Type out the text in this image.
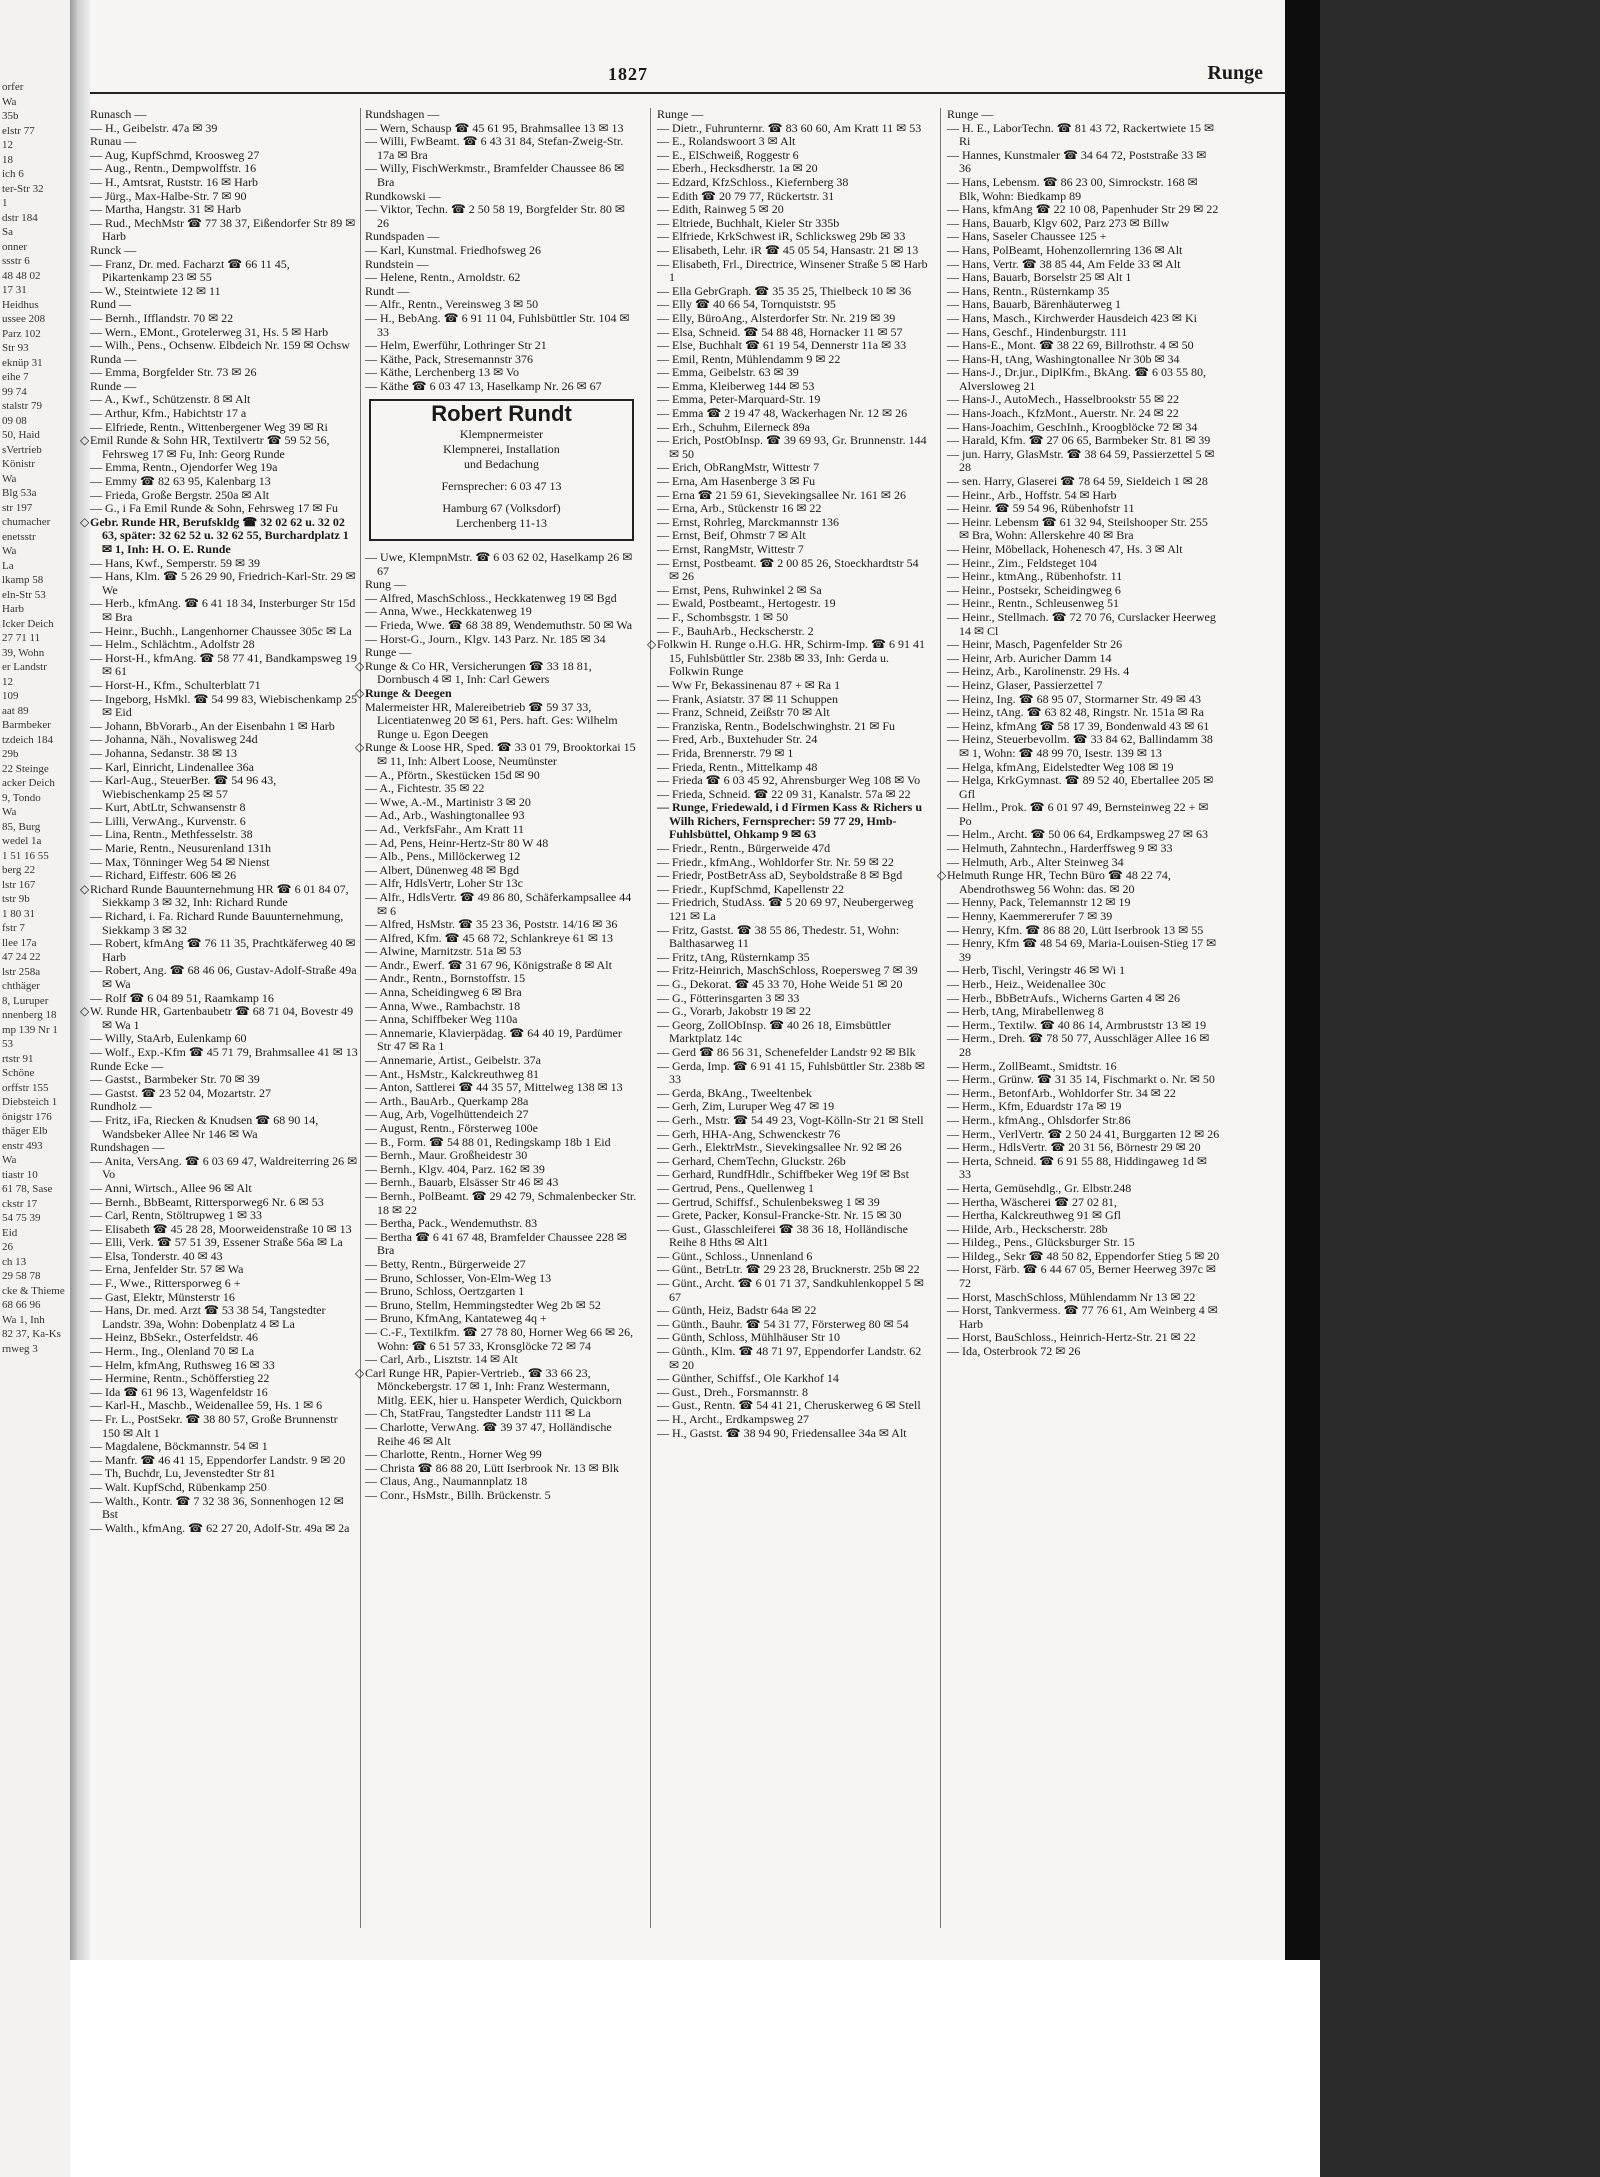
orfer
Wa
35b
elstr 77
12
18
ich 6
ter-Str 32
1
dstr 184
Sa
onner
ssstr 6
48 48 02
17 31
Heidhus
ussee 208
Parz 102
Str 93
eknüp 31
eihe 7
99 74
stalstr 79
09 08
50, Haid
sVertrieb
Könistr
Wa
Blg 53a
str 197
chumacher
enetsstr
Wa
La
lkamp 58
eln-Str 53
Harb
Icker Deich
27 71 11
39, Wohn
er Landstr
12
109
aat 89
Barmbeker
tzdeich 184
29b
22 Steinge
acker Deich
9, Tondo
Wa
85, Burg
wedel 1a
1 51 16 55
berg 22
lstr 167
tstr 9b
1 80 31
fstr 7
llee 17a
47 24 22
lstr 258a
chthäger
8, Luruper
nnenberg 18
mp 139 Nr 1
53
rtstr 91
Schöne
orffstr 155
Diebsteich 1
önigstr 176
thäger Elb
enstr 493
Wa
tiastr 10
61 78, Sase
ckstr 17
54 75 39
Eid
26
ch 13
29 58 78
cke & Thieme
68 66 96
Wa 1, Inh
82 37, Ka-Ks
rnweg 3
1827	Runge

Runasch —

— H., Geibelstr. 47a ✉ 39

Runau —

— Aug, KupfSchmd, Kroosweg 27

— Aug., Rentn., Dempwolffstr. 16

— H., Amtsrat, Ruststr. 16 ✉ Harb

— Jürg., Max-Halbe-Str. 7 ✉ 90

— Martha, Hangstr. 31 ✉ Harb

— Rud., MechMstr ☎ 77 38 37, Eißendorfer Str 89 ✉ Harb

Runck —

— Franz, Dr. med. Facharzt ☎ 66 11 45, Pikartenkamp 23 ✉ 55

— W., Steintwiete 12 ✉ 11

Rund —

— Bernh., Ifflandstr. 70 ✉ 22

— Wern., EMont., Grotelerweg 31, Hs. 5 ✉ Harb

— Wilh., Pens., Ochsenw. Elbdeich Nr. 159 ✉ Ochsw

Runda —

— Emma, Borgfelder Str. 73 ✉ 26

Runde —

— A., Kwf., Schützenstr. 8 ✉ Alt

— Arthur, Kfm., Habichtstr 17 a

— Elfriede, Rentn., Wittenbergener Weg 39 ✉ Ri

◇Emil Runde & Sohn HR, Textilvertr ☎ 59 52 56, Fehrsweg 17 ✉ Fu, Inh: Georg Runde

— Emma, Rentn., Ojendorfer Weg 19a

— Emmy ☎ 82 63 95, Kalenbarg 13

— Frieda, Große Bergstr. 250a ✉ Alt

— G., i Fa Emil Runde & Sohn, Fehrsweg 17 ✉ Fu

◇Gebr. Runde HR, Berufskldg ☎ 32 02 62 u. 32 02 63, später: 32 62 52 u. 32 62 55, Burchardplatz 1 ✉ 1, Inh: H. O. E. Runde

— Hans, Kwf., Semperstr. 59 ✉ 39

— Hans, Klm. ☎ 5 26 29 90, Friedrich-Karl-Str. 29 ✉ We

— Herb., kfmAng. ☎ 6 41 18 34, Insterburger Str 15d ✉ Bra

— Heinr., Buchh., Langenhorner Chaussee 305c ✉ La

— Helm., Schlächtm., Adolfstr 28

— Horst-H., kfmAng. ☎ 58 77 41, Bandkampsweg 19 ✉ 61

— Horst-H., Kfm., Schulterblatt 71

— Ingeborg, HsMkl. ☎ 54 99 83, Wiebischenkamp 25 ✉ Eid

— Johann, BbVorarb., An der Eisenbahn 1 ✉ Harb

— Johanna, Näh., Novalisweg 24d

— Johanna, Sedanstr. 38 ✉ 13

— Karl, Einricht, Lindenallee 36a

— Karl-Aug., SteuerBer. ☎ 54 96 43, Wiebischenkamp 25 ✉ 57

— Kurt, AbtLtr, Schwansenstr 8

— Lilli, VerwAng., Kurvenstr. 6

— Lina, Rentn., Methfesselstr. 38

— Marie, Rentn., Neusurenland 131h

— Max, Tönninger Weg 54 ✉ Nienst

— Richard, Eiffestr. 606 ✉ 26

◇Richard Runde Bauunternehmung HR ☎ 6 01 84 07, Siekkamp 3 ✉ 32, Inh: Richard Runde

— Richard, i. Fa. Richard Runde Bauunternehmung, Siekkamp 3 ✉ 32

— Robert, kfmAng ☎ 76 11 35, Prachtkäferweg 40 ✉ Harb

— Robert, Ang. ☎ 68 46 06, Gustav-Adolf-Straße 49a ✉ Wa

— Rolf ☎ 6 04 89 51, Raamkamp 16

◇W. Runde HR, Gartenbaubetr ☎ 68 71 04, Bovestr 49 ✉ Wa 1

— Willy, StaArb, Eulenkamp 60

— Wolf., Exp.-Kfm ☎ 45 71 79, Brahmsallee 41 ✉ 13

Runde Ecke —

— Gastst., Barmbeker Str. 70 ✉ 39

— Gastst. ☎ 23 52 04, Mozartstr. 27

Rundholz —

— Fritz, iFa, Riecken & Knudsen ☎ 68 90 14, Wandsbeker Allee Nr 146 ✉ Wa

Rundshagen —

— Anita, VersAng. ☎ 6 03 69 47, Waldreiterring 26 ✉ Vo

— Anni, Wirtsch., Allee 96 ✉ Alt

— Bernh., BbBeamt, Rittersporweg6 Nr. 6 ✉ 53

— Carl, Rentn, Stöltrupweg 1 ✉ 33

— Elisabeth ☎ 45 28 28, Moorweidenstraße 10 ✉ 13

— Elli, Verk. ☎ 57 51 39, Essener Straße 56a ✉ La

— Elsa, Tonderstr. 40 ✉ 43

— Erna, Jenfelder Str. 57 ✉ Wa

— F., Wwe., Rittersporweg 6 +

— Gast, Elektr, Münsterstr 16

— Hans, Dr. med. Arzt ☎ 53 38 54, Tangstedter Landstr. 39a, Wohn: Dobenplatz 4 ✉ La

— Heinz, BbSekr., Osterfeldstr. 46

— Herm., Ing., Olenland 70 ✉ La

— Helm, kfmAng, Ruthsweg 16 ✉ 33

— Hermine, Rentn., Schöfferstieg 22

— Ida ☎ 61 96 13, Wagenfeldstr 16

— Karl-H., Maschb., Weidenallee 59, Hs. 1 ✉ 6

— Fr. L., PostSekr. ☎ 38 80 57, Große Brunnenstr 150 ✉ Alt 1

— Magdalene, Böckmannstr. 54 ✉ 1

— Manfr. ☎ 46 41 15, Eppendorfer Landstr. 9 ✉ 20

— Th, Buchdr, Lu, Jevenstedter Str 81

— Walt. KupfSchd, Rübenkamp 250

— Walth., Kontr. ☎ 7 32 38 36, Sonnenhogen 12 ✉ Bst

— Walth., kfmAng. ☎ 62 27 20, Adolf-Str. 49a ✉ 2a

Rundshagen —

— Wern, Schausp ☎ 45 61 95, Brahmsallee 13 ✉ 13

— Willi, FwBeamt. ☎ 6 43 31 84, Stefan-Zweig-Str. 17a ✉ Bra

— Willy, FischWerkmstr., Bramfelder Chaussee 86 ✉ Bra

Rundkowski —

— Viktor, Techn. ☎ 2 50 58 19, Borgfelder Str. 80 ✉ 26

Rundspaden —

— Karl, Kunstmal. Friedhofsweg 26

Rundstein —

— Helene, Rentn., Arnoldstr. 62

Rundt —

— Alfr., Rentn., Vereinsweg 3 ✉ 50

— H., BebAng. ☎ 6 91 11 04, Fuhlsbüttler Str. 104 ✉ 33

— Helm, Ewerführ, Lothringer Str 21

— Käthe, Pack, Stresemannstr 376

— Käthe, Lerchenberg 13 ✉ Vo

— Käthe ☎ 6 03 47 13, Haselkamp Nr. 26 ✉ 67

Robert Rundt
Klempnermeister
Klempnerei, Installation
und Bedachung
Fernsprecher: 6 03 47 13
Hamburg 67 (Volksdorf)
Lerchenberg 11-13

— Uwe, KlempnMstr. ☎ 6 03 62 02, Haselkamp 26 ✉ 67

Rung —

— Alfred, MaschSchloss., Heckkatenweg 19 ✉ Bgd

— Anna, Wwe., Heckkatenweg 19

— Frieda, Wwe. ☎ 68 38 89, Wendemuthstr. 50 ✉ Wa

— Horst-G., Journ., Klgv. 143 Parz. Nr. 185 ✉ 34

Runge —

◇Runge & Co HR, Versicherungen ☎ 33 18 81, Dornbusch 4 ✉ 1, Inh: Carl Gewers

◇Runge & Deegen

Malermeister HR, Malereibetrieb ☎ 59 37 33, Licentiatenweg 20 ✉ 61, Pers. haft. Ges: Wilhelm Runge u. Egon Deegen

◇Runge & Loose HR, Sped. ☎ 33 01 79, Brooktorkai 15 ✉ 11, Inh: Albert Loose, Neumünster

— A., Pförtn., Skestücken 15d ✉ 90

— A., Fichtestr. 35 ✉ 22

— Wwe, A.-M., Martinistr 3 ✉ 20

— Ad., Arb., Washingtonallee 93

— Ad., VerkfsFahr., Am Kratt 11

— Ad, Pens, Heinr-Hertz-Str 80 W 48

— Alb., Pens., Millöckerweg 12

— Albert, Dünenweg 48 ✉ Bgd

— Alfr, HdlsVertr, Loher Str 13c

— Alfr., HdlsVertr. ☎ 49 86 80, Schäferkampsallee 44 ✉ 6

— Alfred, HsMstr. ☎ 35 23 36, Poststr. 14/16 ✉ 36

— Alfred, Kfm. ☎ 45 68 72, Schlankreye 61 ✉ 13

— Alwine, Marnitzstr. 51a ✉ 53

— Andr., Ewerf. ☎ 31 67 96, Königstraße 8 ✉ Alt

— Andr., Rentn., Bornstoffstr. 15

— Anna, Scheidingweg 6 ✉ Bra

— Anna, Wwe., Rambachstr. 18

— Anna, Schiffbeker Weg 110a

— Annemarie, Klavierpädag. ☎ 64 40 19, Pardümer Str 47 ✉ Ra 1

— Annemarie, Artist., Geibelstr. 37a

— Ant., HsMstr., Kalckreuthweg 81

— Anton, Sattlerei ☎ 44 35 57, Mittelweg 138 ✉ 13

— Arth., BauArb., Querkamp 28a

— Aug, Arb, Vogelhüttendeich 27

— August, Rentn., Försterweg 100e

— B., Form. ☎ 54 88 01, Redingskamp 18b 1 Eid

— Bernh., Maur. Großheidestr 30

— Bernh., Klgv. 404, Parz. 162 ✉ 39

— Bernh., Bauarb, Elsässer Str 46 ✉ 43

— Bernh., PolBeamt. ☎ 29 42 79, Schmalenbecker Str. 18 ✉ 22

— Bertha, Pack., Wendemuthstr. 83

— Bertha ☎ 6 41 67 48, Bramfelder Chaussee 228 ✉ Bra

— Betty, Rentn., Bürgerweide 27

— Bruno, Schlosser, Von-Elm-Weg 13

— Bruno, Schloss, Oertzgarten 1

— Bruno, Stellm, Hemmingstedter Weg 2b ✉ 52

— Bruno, KfmAng, Kantateweg 4q +

— C.-F., Textilkfm. ☎ 27 78 80, Horner Weg 66 ✉ 26, Wohn: ☎ 6 51 57 33, Kronsglöcke 72 ✉ 74

— Carl, Arb., Lisztstr. 14 ✉ Alt

◇Carl Runge HR, Papier-Vertrieb., ☎ 33 66 23, Mönckebergstr. 17 ✉ 1, Inh: Franz Westermann, Mitlg. EEK, hier u. Hanspeter Werdich, Quickborn

— Ch, StatFrau, Tangstedter Landstr 111 ✉ La

— Charlotte, VerwAng. ☎ 39 37 47, Holländische Reihe 46 ✉ Alt

— Charlotte, Rentn., Horner Weg 99

— Christa ☎ 86 88 20, Lütt Iserbrook Nr. 13 ✉ Blk

— Claus, Ang., Naumannplatz 18

— Conr., HsMstr., Billh. Brückenstr. 5

Runge —

— Dietr., Fuhrunternr. ☎ 83 60 60, Am Kratt 11 ✉ 53

— E., Rolandswoort 3 ✉ Alt

— E., ElSchweiß, Roggestr 6

— Eberh., Hecksdherstr. 1a ✉ 20

— Edzard, KfzSchloss., Kiefernberg 38

— Edith ☎ 20 79 77, Rückertstr. 31

— Edith, Rainweg 5 ✉ 20

— Eltriede, Buchhalt, Kieler Str 335b

— Elfriede, KrkSchwest iR, Schlicksweg 29b ✉ 33

— Elisabeth, Lehr. iR ☎ 45 05 54, Hansastr. 21 ✉ 13

— Elisabeth, Frl., Directrice, Winsener Straße 5 ✉ Harb 1

— Ella GebrGraph. ☎ 35 35 25, Thielbeck 10 ✉ 36

— Elly ☎ 40 66 54, Tornquiststr. 95

— Elly, BüroAng., Alsterdorfer Str. Nr. 219 ✉ 39

— Elsa, Schneid. ☎ 54 88 48, Hornacker 11 ✉ 57

— Else, Buchhalt ☎ 61 19 54, Dennerstr 11a ✉ 33

— Emil, Rentn, Mühlendamm 9 ✉ 22

— Emma, Geibelstr. 63 ✉ 39

— Emma, Kleiberweg 144 ✉ 53

— Emma, Peter-Marquard-Str. 19

— Emma ☎ 2 19 47 48, Wackerhagen Nr. 12 ✉ 26

— Erh., Schuhm, Eilerneck 89a

— Erich, PostObInsp. ☎ 39 69 93, Gr. Brunnenstr. 144 ✉ 50

— Erich, ObRangMstr, Wittestr 7

— Erna, Am Hasenberge 3 ✉ Fu

— Erna ☎ 21 59 61, Sievekingsallee Nr. 161 ✉ 26

— Erna, Arb., Stückenstr 16 ✉ 22

— Ernst, Rohrleg, Marckmannstr 136

— Ernst, Beif, Ohmstr 7 ✉ Alt

— Ernst, RangMstr, Wittestr 7

— Ernst, Postbeamt. ☎ 2 00 85 26, Stoeckhardtstr 54 ✉ 26

— Ernst, Pens, Ruhwinkel 2 ✉ Sa

— Ewald, Postbeamt., Hertogestr. 19

— F., Schombsgstr. 1 ✉ 50

— F., BauhArb., Heckscherstr. 2

◇Folkwin H. Runge o.H.G. HR, Schirm-Imp. ☎ 6 91 41 15, Fuhlsbüttler Str. 238b ✉ 33, Inh: Gerda u. Folkwin Runge

— Ww Fr, Bekassinenau 87 + ✉ Ra 1

— Frank, Asiatstr. 37 ✉ 11 Schuppen

— Franz, Schneid, Zeißstr 70 ✉ Alt

— Franziska, Rentn., Bodelschwinghstr. 21 ✉ Fu

— Fred, Arb., Buxtehuder Str. 24

— Frida, Brennerstr. 79 ✉ 1

— Frieda, Rentn., Mittelkamp 48

— Frieda ☎ 6 03 45 92, Ahrensburger Weg 108 ✉ Vo

— Frieda, Schneid. ☎ 22 09 31, Kanalstr. 57a ✉ 22

— Runge, Friedewald, i d Firmen Kass & Richers u Wilh Richers, Fernsprecher: 59 77 29, Hmb-Fuhlsbüttel, Ohkamp 9 ✉ 63

— Friedr., Rentn., Bürgerweide 47d

— Friedr., kfmAng., Wohldorfer Str. Nr. 59 ✉ 22

— Friedr, PostBetrAss aD, Seyboldstraße 8 ✉ Bgd

— Friedr., KupfSchmd, Kapellenstr 22

— Friedrich, StudAss. ☎ 5 20 69 97, Neubergerweg 121 ✉ La

— Fritz, Gastst. ☎ 38 55 86, Thedestr. 51, Wohn: Balthasarweg 11

— Fritz, tAng, Rüsternkamp 35

— Fritz-Heinrich, MaschSchloss, Roepersweg 7 ✉ 39

— G., Dekorat. ☎ 45 33 70, Hohe Weide 51 ✉ 20

— G., Fötterinsgarten 3 ✉ 33

— G., Vorarb, Jakobstr 19 ✉ 22

— Georg, ZollObInsp. ☎ 40 26 18, Eimsbüttler Marktplatz 14c

— Gerd ☎ 86 56 31, Schenefelder Landstr 92 ✉ Blk

— Gerda, Imp. ☎ 6 91 41 15, Fuhlsbüttler Str. 238b ✉ 33

— Gerda, BkAng., Tweeltenbek

— Gerh, Zim, Luruper Weg 47 ✉ 19

— Gerh., Mstr. ☎ 54 49 23, Vogt-Kölln-Str 21 ✉ Stell

— Gerh, HHA-Ang, Schwenckestr 76

— Gerh., ElektrMstr., Sievekingsallee Nr. 92 ✉ 26

— Gerhard, ChemTechn, Gluckstr. 26b

— Gerhard, RundfHdlr., Schiffbeker Weg 19f ✉ Bst

— Gertrud, Pens., Quellenweg 1

— Gertrud, Schiffsf., Schulenbeksweg 1 ✉ 39

— Grete, Packer, Konsul-Francke-Str. Nr. 15 ✉ 30

— Gust., Glasschleiferei ☎ 38 36 18, Holländische Reihe 8 Hths ✉ Alt1

— Günt., Schloss., Unnenland 6

— Günt., BetrLtr. ☎ 29 23 28, Brucknerstr. 25b ✉ 22

— Günt., Archt. ☎ 6 01 71 37, Sandkuhlenkoppel 5 ✉ 67

— Günth, Heiz, Badstr 64a ✉ 22

— Günth., Bauhr. ☎ 54 31 77, Försterweg 80 ✉ 54

— Günth, Schloss, Mühlhäuser Str 10

— Günth., Klm. ☎ 48 71 97, Eppendorfer Landstr. 62 ✉ 20

— Günther, Schiffsf., Ole Karkhof 14

— Gust., Dreh., Forsmannstr. 8

— Gust., Rentn. ☎ 54 41 21, Cheruskerweg 6 ✉ Stell

— H., Archt., Erdkampsweg 27

— H., Gastst. ☎ 38 94 90, Friedensallee 34a ✉ Alt

Runge —

— H. E., LaborTechn. ☎ 81 43 72, Rackertwiete 15 ✉ Ri

— Hannes, Kunstmaler ☎ 34 64 72, Poststraße 33 ✉ 36

— Hans, Lebensm. ☎ 86 23 00, Simrockstr. 168 ✉ Blk, Wohn: Biedkamp 89

— Hans, kfmAng ☎ 22 10 08, Papenhuder Str 29 ✉ 22

— Hans, Bauarb, Klgv 602, Parz 273 ✉ Billw

— Hans, Saseler Chaussee 125 +

— Hans, PolBeamt, Hohenzollernring 136 ✉ Alt

— Hans, Vertr. ☎ 38 85 44, Am Felde 33 ✉ Alt

— Hans, Bauarb, Borselstr 25 ✉ Alt 1

— Hans, Rentn., Rüsternkamp 35

— Hans, Bauarb, Bärenhäuterweg 1

— Hans, Masch., Kirchwerder Hausdeich 423 ✉ Ki

— Hans, Geschf., Hindenburgstr. 111

— Hans-E., Mont. ☎ 38 22 69, Billrothstr. 4 ✉ 50

— Hans-H, tAng, Washingtonallee Nr 30b ✉ 34

— Hans-J., Dr.jur., DiplKfm., BkAng. ☎ 6 03 55 80, Alversloweg 21

— Hans-J., AutoMech., Hasselbrookstr 55 ✉ 22

— Hans-Joach., KfzMont., Auerstr. Nr. 24 ✉ 22

— Hans-Joachim, GeschInh., Kroogblöcke 72 ✉ 34

— Harald, Kfm. ☎ 27 06 65, Barmbeker Str. 81 ✉ 39

— jun. Harry, GlasMstr. ☎ 38 64 59, Passierzettel 5 ✉ 28

— sen. Harry, Glaserei ☎ 78 64 59, Sieldeich 1 ✉ 28

— Heinr., Arb., Hoffstr. 54 ✉ Harb

— Heinr. ☎ 59 54 96, Rübenhofstr 11

— Heinr. Lebensm ☎ 61 32 94, Steilshooper Str. 255 ✉ Bra, Wohn: Allerskehre 40 ✉ Bra

— Heinr, Möbellack, Hohenesch 47, Hs. 3 ✉ Alt

— Heinr., Zim., Feldsteget 104

— Heinr., ktmAng., Rübenhofstr. 11

— Heinr., Postsekr, Scheidingweg 6

— Heinr., Rentn., Schleusenweg 51

— Heinr., Stellmach. ☎ 72 70 76, Curslacker Heerweg 14 ✉ Cl

— Heinr, Masch, Pagenfelder Str 26

— Heinr, Arb. Auricher Damm 14

— Heinz, Arb., Karolinenstr. 29 Hs. 4

— Heinz, Glaser, Passierzettel 7

— Heinz, Ing. ☎ 68 95 07, Stormarner Str. 49 ✉ 43

— Heinz, tAng. ☎ 63 82 48, Ringstr. Nr. 151a ✉ Ra

— Heinz, kfmAng ☎ 58 17 39, Bondenwald 43 ✉ 61

— Heinz, Steuerbevollm. ☎ 33 84 62, Ballindamm 38 ✉ 1, Wohn: ☎ 48 99 70, Isestr. 139 ✉ 13

— Helga, kfmAng, Eidelstedter Weg 108 ✉ 19

— Helga, KrkGymnast. ☎ 89 52 40, Ebertallee 205 ✉ Gfl

— Hellm., Prok. ☎ 6 01 97 49, Bernsteinweg 22 + ✉ Po

— Helm., Archt. ☎ 50 06 64, Erdkampsweg 27 ✉ 63

— Helmuth, Zahntechn., Harderffsweg 9 ✉ 33

— Helmuth, Arb., Alter Steinweg 34

◇Helmuth Runge HR, Techn Büro ☎ 48 22 74, Abendrothsweg 56 Wohn: das. ✉ 20

— Henny, Pack, Telemannstr 12 ✉ 19

— Henny, Kaemmererufer 7 ✉ 39

— Henry, Kfm. ☎ 86 88 20, Lütt Iserbrook 13 ✉ 55

— Henry, Kfm ☎ 48 54 69, Maria-Louisen-Stieg 17 ✉ 39

— Herb, Tischl, Veringstr 46 ✉ Wi 1

— Herb., Heiz., Weidenallee 30c

— Herb., BbBetrAufs., Wicherns Garten 4 ✉ 26

— Herb, tAng, Mirabellenweg 8

— Herm., Textilw. ☎ 40 86 14, Armbruststr 13 ✉ 19

— Herm., Dreh. ☎ 78 50 77, Ausschläger Allee 16 ✉ 28

— Herm., ZollBeamt., Smidtstr. 16

— Herm., Grünw. ☎ 31 35 14, Fischmarkt o. Nr. ✉ 50

— Herm., BetonfArb., Wohldorfer Str. 34 ✉ 22

— Herm., Kfm, Eduardstr 17a ✉ 19

— Herm., kfmAng., Ohlsdorfer Str.86

— Herm., VerlVertr. ☎ 2 50 24 41, Burggarten 12 ✉ 26

— Herm., HdlsVertr. ☎ 20 31 56, Börnestr 29 ✉ 20

— Herta, Schneid. ☎ 6 91 55 88, Hiddingaweg 1d ✉ 33

— Herta, Gemüsehdlg., Gr. Elbstr.248

— Hertha, Wäscherei ☎ 27 02 81,

— Hertha, Kalckreuthweg 91 ✉ Gfl

— Hilde, Arb., Heckscherstr. 28b

— Hildeg., Pens., Glücksburger Str. 15

— Hildeg., Sekr ☎ 48 50 82, Eppendorfer Stieg 5 ✉ 20

— Horst, Färb. ☎ 6 44 67 05, Berner Heerweg 397c ✉ 72

— Horst, MaschSchloss, Mühlendamm Nr 13 ✉ 22

— Horst, Tankvermess. ☎ 77 76 61, Am Weinberg 4 ✉ Harb

— Horst, BauSchloss., Heinrich-Hertz-Str. 21 ✉ 22

— Ida, Osterbrook 72 ✉ 26
